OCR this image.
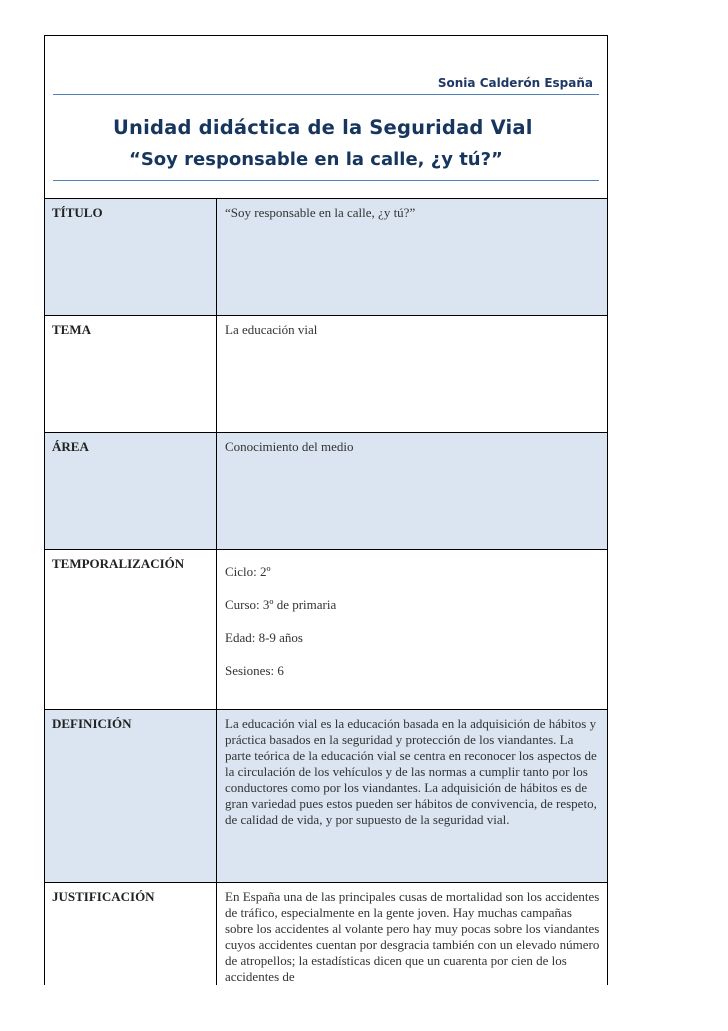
Sonia Calderón España
Unidad didáctica de la Seguridad Vial
“Soy responsable en la calle, ¿y tú?”
TÍTULO	“Soy responsable en la calle, ¿y tú?”
TEMA	La educación vial
ÁREA	Conocimiento del medio
TEMPORALIZACIÓN	Ciclo: 2º

Curso: 3º de primaria

Edad: 8-9 años

Sesiones: 6

DEFINICIÓN	La educación vial es la educación basada en la adquisición de hábitos y práctica basados en la seguridad y protección de los viandantes. La parte teórica de la educación vial se centra en reconocer los aspectos de la circulación de los vehículos y de las normas a cumplir tanto por los conductores como por los viandantes. La adquisición de hábitos es de gran variedad pues estos pueden ser hábitos de convivencia, de respeto, de calidad de vida, y por supuesto de la seguridad vial.
JUSTIFICACIÓN	En España una de las principales cusas de mortalidad son los accidentes de tráfico, especialmente en la gente joven. Hay muchas campañas sobre los accidentes al volante pero hay muy pocas sobre los viandantes cuyos accidentes cuentan por desgracia también con un elevado número de atropellos; la estadísticas dicen que un cuarenta por cien de los accidentes de
